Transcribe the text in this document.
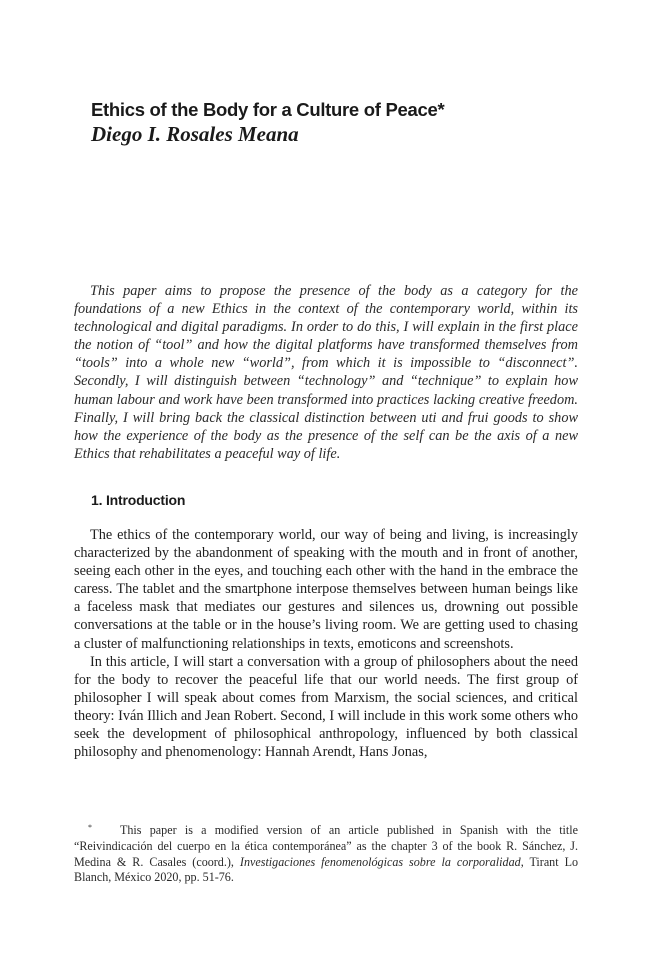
Ethics of the Body for a Culture of Peace*
Diego I. Rosales Meana

This paper aims to propose the presence of the body as a category for the foundations of a new Ethics in the context of the contemporary world, within its technological and digital paradigms. In order to do this, I will explain in the first place the notion of “tool” and how the digital platforms have transformed themselves from “tools” into a whole new “world”, from which it is impossible to “disconnect”. Secondly, I will distinguish between “technology” and “technique” to explain how human labour and work have been transformed into practices lacking creative freedom. Finally, I will bring back the classical distinction between uti and frui goods to show how the experience of the body as the presence of the self can be the axis of a new Ethics that rehabilitates a peaceful way of life.

1. Introduction

The ethics of the contemporary world, our way of being and living, is increasingly characterized by the abandonment of speaking with the mouth and in front of another, seeing each other in the eyes, and touching each other with the hand in the embrace the caress. The tablet and the smartphone interpose themselves between human beings like a faceless mask that mediates our gestures and silences us, drowning out possible conversations at the table or in the house’s living room. We are getting used to chasing a cluster of malfunctioning relationships in texts, emoticons and screenshots.

In this article, I will start a conversation with a group of philosophers about the need for the body to recover the peaceful life that our world needs. The first group of philosopher I will speak about comes from Marxism, the social sciences, and critical theory: Iván Illich and Jean Robert. Second, I will include in this work some others who seek the development of philosophical anthropology, influenced by both classical philosophy and phenomenology: Hannah Arendt, Hans Jonas,

* This paper is a modified version of an article published in Spanish with the title “Reivindicación del cuerpo en la ética contemporánea” as the chapter 3 of the book R. Sánchez, J. Medina & R. Casales (coord.), Investigaciones fenomenológicas sobre la corporalidad, Tirant Lo Blanch, México 2020, pp. 51-76.
